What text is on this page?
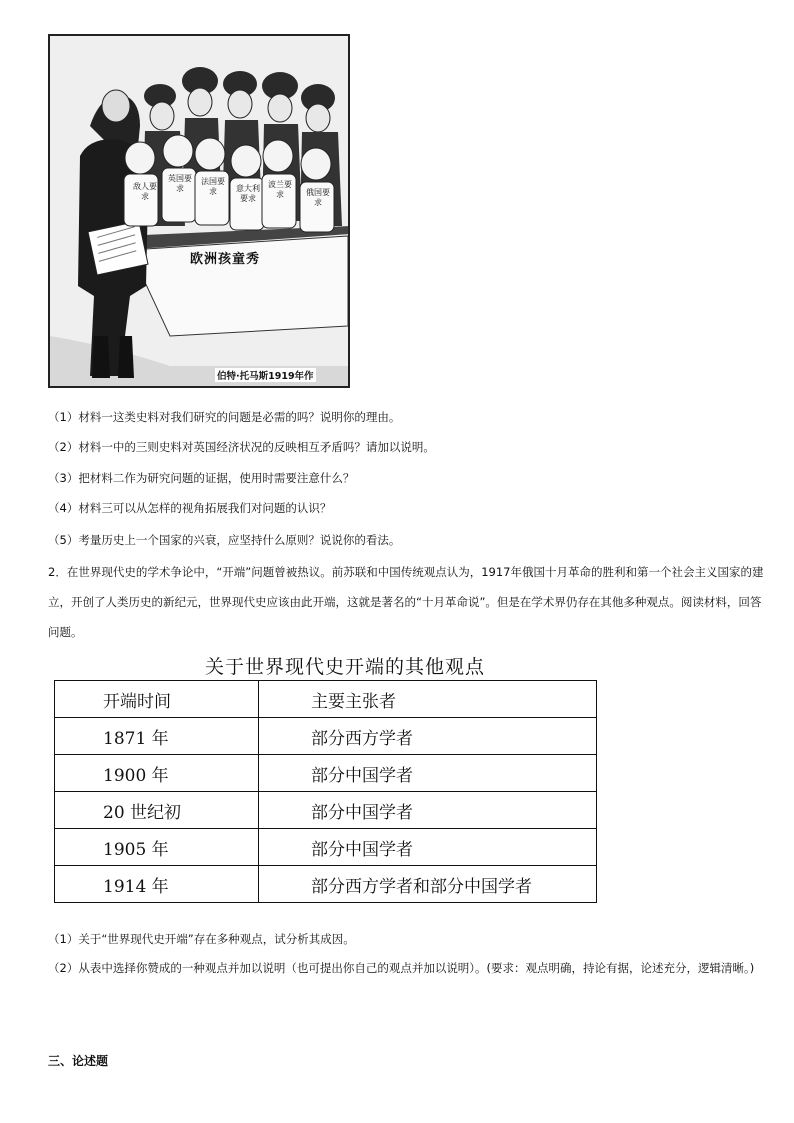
敌人要求
英国要求
法国要求	意大利要求
波兰要求	俄国要求
欧洲孩童秀
伯特·托马斯1919年作
（1）材料一这类史料对我们研究的问题是必需的吗？说明你的理由。
（2）材料一中的三则史料对英国经济状况的反映相互矛盾吗？请加以说明。
（3）把材料二作为研究问题的证据，使用时需要注意什么？
（4）材料三可以从怎样的视角拓展我们对问题的认识？
（5）考量历史上一个国家的兴衰，应坚持什么原则？说说你的看法。
2．在世界现代史的学术争论中，“开端”问题曾被热议。前苏联和中国传统观点认为，1917年俄国十月革命的胜利和第一个社会主义国家的建立，开创了人类历史的新纪元，世界现代史应该由此开端，这就是著名的“十月革命说”。但是在学术界仍存在其他多种观点。阅读材料，回答问题。
关于世界现代史开端的其他观点
开端时间	主要主张者
1871 年	部分西方学者
1900 年	部分中国学者
20 世纪初	部分中国学者
1905 年	部分中国学者
1914 年	部分西方学者和部分中国学者
（1）关于“世界现代史开端”存在多种观点，试分析其成因。
（2）从表中选择你赞成的一种观点并加以说明（也可提出你自己的观点并加以说明）。(要求：观点明确，持论有据，论述充分，逻辑清晰。)
三、论述题
